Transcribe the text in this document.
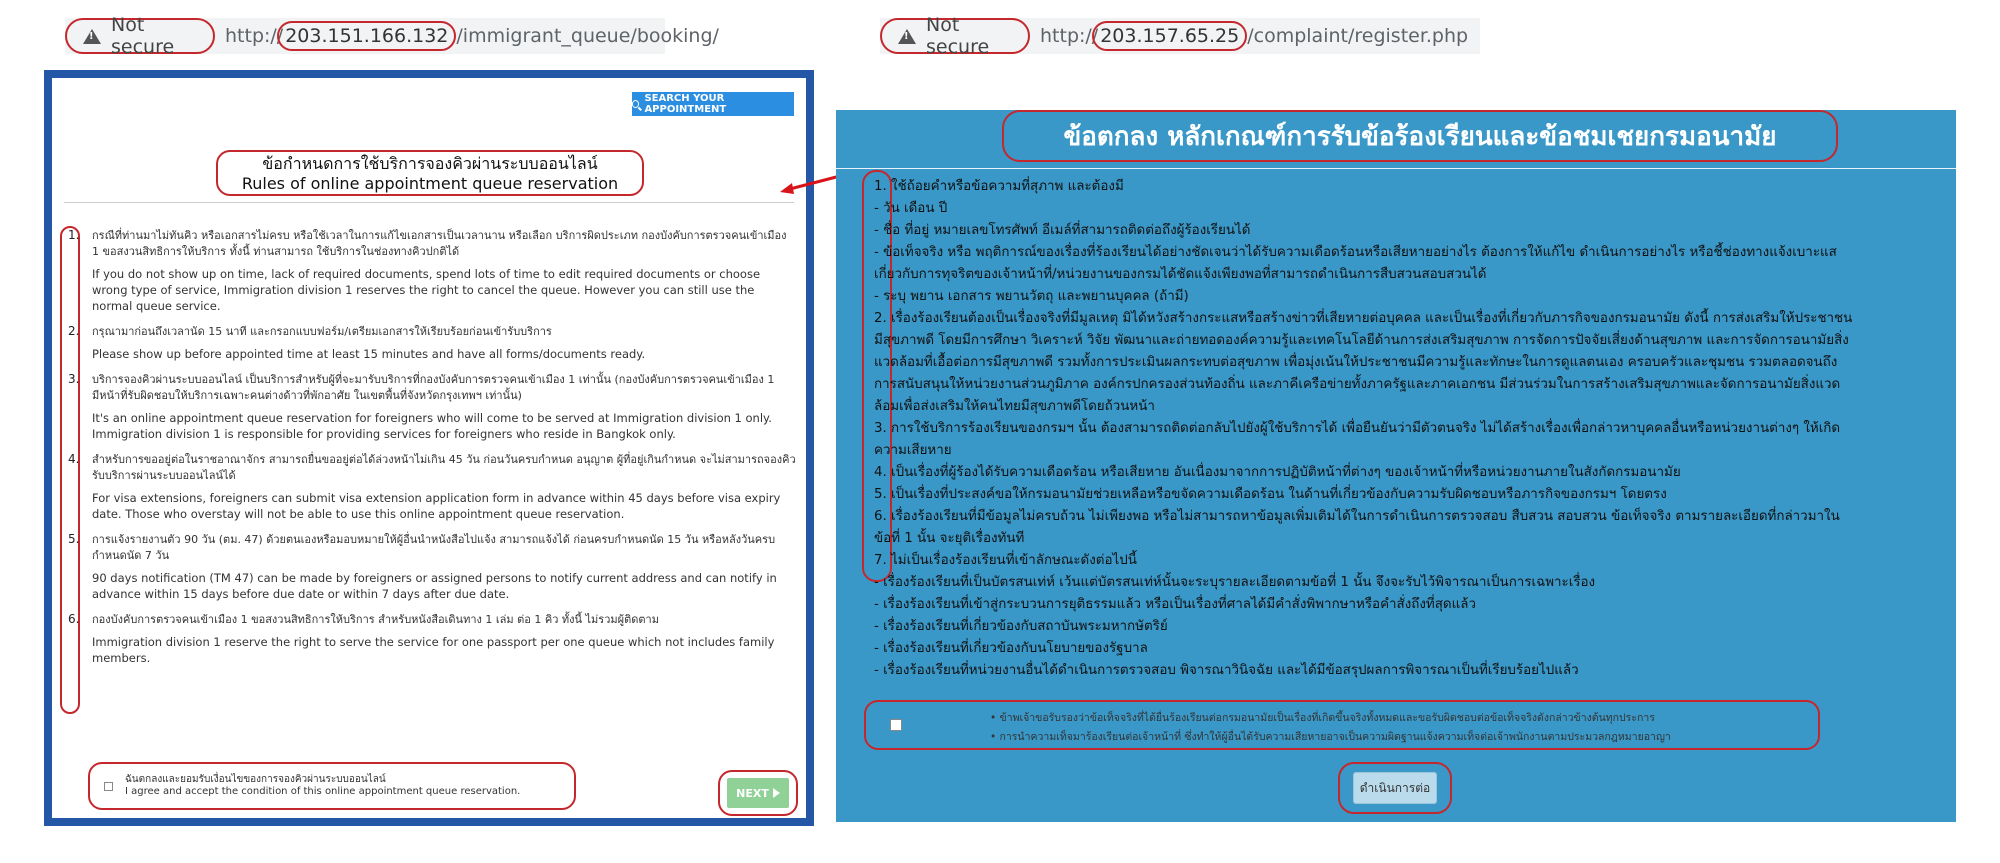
!
Not secure	http:// 203.151.166.132 /immigrant_queue/booking/
!	Not secure	http:// 203.157.65.25 /complaint/register.php
SEARCH YOUR APPOINTMENT
ข้อกำหนดการใช้บริการจองคิวผ่านระบบออนไลน์
Rules of online appointment queue reservation
1. กรณีที่ท่านมาไม่ทันคิว หรือเอกสารไม่ครบ หรือใช้เวลาในการแก้ไขเอกสารเป็นเวลานาน หรือเลือก บริการผิดประเภท กองบังคับการตรวจคนเข้าเมือง 1 ขอสงวนสิทธิการให้บริการ ทั้งนี้ ท่านสามารถ ใช้บริการในช่องทางคิวปกติได้
If you do not show up on time, lack of required documents, spend lots of time to edit required documents or choose wrong type of service, Immigration division 1 reserves the right to cancel the queue. However you can still use the normal queue service.
2. กรุณามาก่อนถึงเวลานัด 15 นาที และกรอกแบบฟอร์ม/เตรียมเอกสารให้เรียบร้อยก่อนเข้ารับบริการ
Please show up before appointed time at least 15 minutes and have all forms/documents ready.
3. บริการจองคิวผ่านระบบออนไลน์ เป็นบริการสำหรับผู้ที่จะมารับบริการที่กองบังคับการตรวจคนเข้าเมือง 1 เท่านั้น (กองบังคับการตรวจคนเข้าเมือง 1 มีหน้าที่รับผิดชอบให้บริการเฉพาะคนต่างด้าวที่พักอาศัย ในเขตพื้นที่จังหวัดกรุงเทพฯ เท่านั้น)
It's an online appointment queue reservation for foreigners who will come to be served at Immigration division 1 only. Immigration division 1 is responsible for providing services for foreigners who reside in Bangkok only.
4. สำหรับการขออยู่ต่อในราชอาณาจักร สามารถยื่นขออยู่ต่อได้ล่วงหน้าไม่เกิน 45 วัน ก่อนวันครบกำหนด อนุญาต ผู้ที่อยู่เกินกำหนด จะไม่สามารถจองคิวรับบริการผ่านระบบออนไลน์ได้
For visa extensions, foreigners can submit visa extension application form in advance within 45 days before visa expiry date. Those who overstay will not be able to use this online appointment queue reservation.
5. การแจ้งรายงานตัว 90 วัน (ตม. 47) ด้วยตนเองหรือมอบหมายให้ผู้อื่นนำหนังสือไปแจ้ง สามารถแจ้งได้ ก่อนครบกำหนดนัด 15 วัน หรือหลังวันครบกำหนดนัด 7 วัน
90 days notification (TM 47) can be made by foreigners or assigned persons to notify current address and can notify in advance within 15 days before due date or within 7 days after due date.
6. กองบังคับการตรวจคนเข้าเมือง 1 ขอสงวนสิทธิการให้บริการ สำหรับหนังสือเดินทาง 1 เล่ม ต่อ 1 คิว ทั้งนี้ ไม่รวมผู้ติดตาม
Immigration division 1 reserve the right to serve the service for one passport per one queue which not includes family members.
ฉันตกลงและยอมรับเงื่อนไขของการจองคิวผ่านระบบออนไลน์
I agree and accept the condition of this online appointment queue reservation.	NEXT
ข้อตกลง หลักเกณฑ์การรับข้อร้องเรียนและข้อชมเชยกรมอนามัย
1. ใช้ถ้อยคำหรือข้อความที่สุภาพ และต้องมี
- วัน เดือน ปี
- ชื่อ ที่อยู่ หมายเลขโทรศัพท์ อีเมล์ที่สามารถติดต่อถึงผู้ร้องเรียนได้
- ข้อเท็จจริง หรือ พฤติการณ์ของเรื่องที่ร้องเรียนได้อย่างชัดเจนว่าได้รับความเดือดร้อนหรือเสียหายอย่างไร ต้องการให้แก้ไข ดำเนินการอย่างไร หรือชี้ช่องทางแจ้งเบาะแส
เกี่ยวกับการทุจริตของเจ้าหน้าที่/หน่วยงานของกรมได้ชัดแจ้งเพียงพอที่สามารถดำเนินการสืบสวนสอบสวนได้
- ระบุ พยาน เอกสาร พยานวัตถุ และพยานบุคคล (ถ้ามี)
2. เรื่องร้องเรียนต้องเป็นเรื่องจริงที่มีมูลเหตุ มิได้หวังสร้างกระแสหรือสร้างข่าวที่เสียหายต่อบุคคล และเป็นเรื่องที่เกี่ยวกับภารกิจของกรมอนามัย ดังนี้ การส่งเสริมให้ประชาชน
มีสุขภาพดี โดยมีการศึกษา วิเคราะห์ วิจัย พัฒนาและถ่ายทอดองค์ความรู้และเทคโนโลยีด้านการส่งเสริมสุขภาพ การจัดการปัจจัยเสี่ยงด้านสุขภาพ และการจัดการอนามัยสิ่ง
แวดล้อมที่เอื้อต่อการมีสุขภาพดี รวมทั้งการประเมินผลกระทบต่อสุขภาพ เพื่อมุ่งเน้นให้ประชาชนมีความรู้และทักษะในการดูแลตนเอง ครอบครัวและชุมชน รวมตลอดจนถึง
การสนับสนุนให้หน่วยงานส่วนภูมิภาค องค์กรปกครองส่วนท้องถิ่น และภาคีเครือข่ายทั้งภาครัฐและภาคเอกชน มีส่วนร่วมในการสร้างเสริมสุขภาพและจัดการอนามัยสิ่งแวด
ล้อมเพื่อส่งเสริมให้คนไทยมีสุขภาพดีโดยถ้วนหน้า
3. การใช้บริการร้องเรียนของกรมฯ นั้น ต้องสามารถติดต่อกลับไปยังผู้ใช้บริการได้ เพื่อยืนยันว่ามีตัวตนจริง ไม่ได้สร้างเรื่องเพื่อกล่าวหาบุคคลอื่นหรือหน่วยงานต่างๆ ให้เกิด
ความเสียหาย
4. เป็นเรื่องที่ผู้ร้องได้รับความเดือดร้อน หรือเสียหาย อันเนื่องมาจากการปฏิบัติหน้าที่ต่างๆ ของเจ้าหน้าที่หรือหน่วยงานภายในสังกัดกรมอนามัย
5. เป็นเรื่องที่ประสงค์ขอให้กรมอนามัยช่วยเหลือหรือขจัดความเดือดร้อน ในด้านที่เกี่ยวข้องกับความรับผิดชอบหรือภารกิจของกรมฯ โดยตรง
6. เรื่องร้องเรียนที่มีข้อมูลไม่ครบถ้วน ไม่เพียงพอ หรือไม่สามารถหาข้อมูลเพิ่มเติมได้ในการดำเนินการตรวจสอบ สืบสวน สอบสวน ข้อเท็จจริง ตามรายละเอียดที่กล่าวมาใน
ข้อที่ 1 นั้น จะยุติเรื่องทันที
7. ไม่เป็นเรื่องร้องเรียนที่เข้าลักษณะดังต่อไปนี้
- เรื่องร้องเรียนที่เป็นบัตรสนเท่ห์ เว้นแต่บัตรสนเท่ห์นั้นจะระบุรายละเอียดตามข้อที่ 1 นั้น จึงจะรับไว้พิจารณาเป็นการเฉพาะเรื่อง
- เรื่องร้องเรียนที่เข้าสู่กระบวนการยุติธรรมแล้ว หรือเป็นเรื่องที่ศาลได้มีคำสั่งพิพากษาหรือคำสั่งถึงที่สุดแล้ว
- เรื่องร้องเรียนที่เกี่ยวข้องกับสถาบันพระมหากษัตริย์
- เรื่องร้องเรียนที่เกี่ยวข้องกับนโยบายของรัฐบาล
- เรื่องร้องเรียนที่หน่วยงานอื่นได้ดำเนินการตรวจสอบ พิจารณาวินิจฉัย และได้มีข้อสรุปผลการพิจารณาเป็นที่เรียบร้อยไปแล้ว
• ข้าพเจ้าขอรับรองว่าข้อเท็จจริงที่ได้ยื่นร้องเรียนต่อกรมอนามัยเป็นเรื่องที่เกิดขึ้นจริงทั้งหมดและขอรับผิดชอบต่อข้อเท็จจริงดังกล่าวข้างต้นทุกประการ
• การนำความเท็จมาร้องเรียนต่อเจ้าหน้าที่ ซึ่งทำให้ผู้อื่นได้รับความเสียหายอาจเป็นความผิดฐานแจ้งความเท็จต่อเจ้าพนักงานตามประมวลกฎหมายอาญา
ดำเนินการต่อ
